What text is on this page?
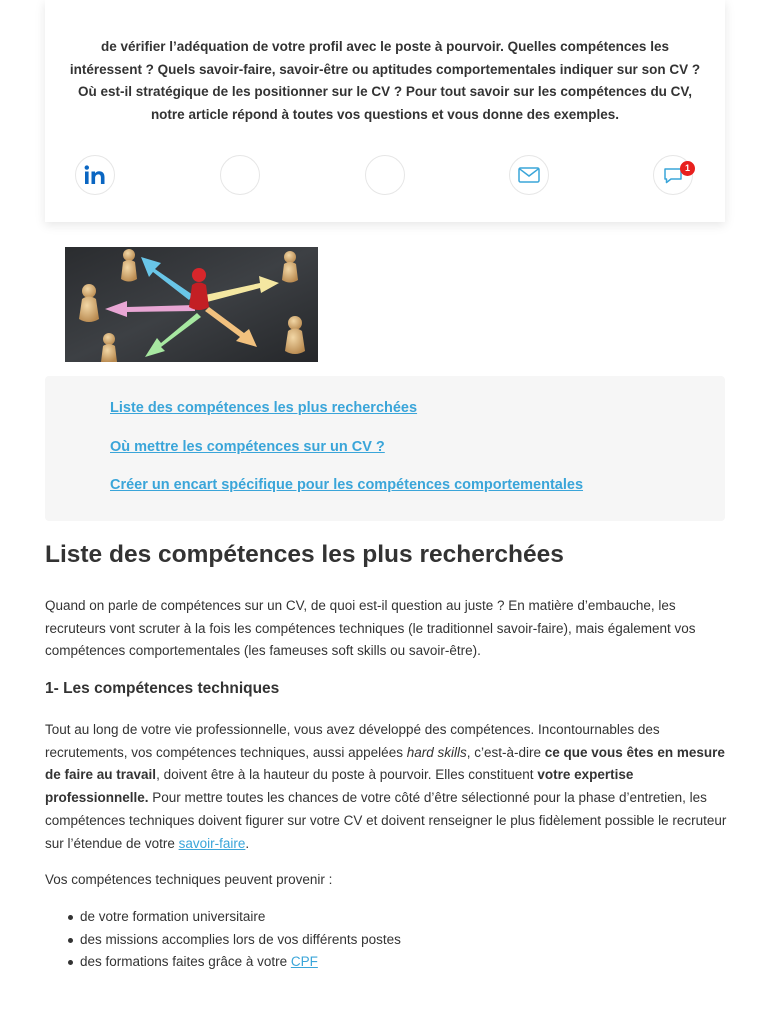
de vérifier l’adéquation de votre profil avec le poste à pourvoir. Quelles compétences les intéressent ? Quels savoir-faire, savoir-être ou aptitudes comportementales indiquer sur son CV ? Où est-il stratégique de les positionner sur le CV ? Pour tout savoir sur les compétences du CV, notre article répond à toutes vos questions et vous donne des exemples.

1
Liste des compétences les plus recherchées
Où mettre les compétences sur un CV ?
Créer un encart spécifique pour les compétences comportementales
Liste des compétences les plus recherchées

Quand on parle de compétences sur un CV, de quoi est-il question au juste ? En matière d’embauche, les recruteurs vont scruter à la fois les compétences techniques (le traditionnel savoir-faire), mais également vos compétences comportementales (les fameuses soft skills ou savoir-être).

1- Les compétences techniques

Tout au long de votre vie professionnelle, vous avez développé des compétences. Incontournables des recrutements, vos compétences techniques, aussi appelées hard skills, c’est-à-dire ce que vous êtes en mesure de faire au travail, doivent être à la hauteur du poste à pourvoir. Elles constituent votre expertise professionnelle. Pour mettre toutes les chances de votre côté d’être sélectionné pour la phase d’entretien, les compétences techniques doivent figurer sur votre CV et doivent renseigner le plus fidèlement possible le recruteur sur l’étendue de votre savoir-faire.

Vos compétences techniques peuvent provenir :

de votre formation universitaire
des missions accomplies lors de vos différents postes
des formations faites grâce à votre CPF
